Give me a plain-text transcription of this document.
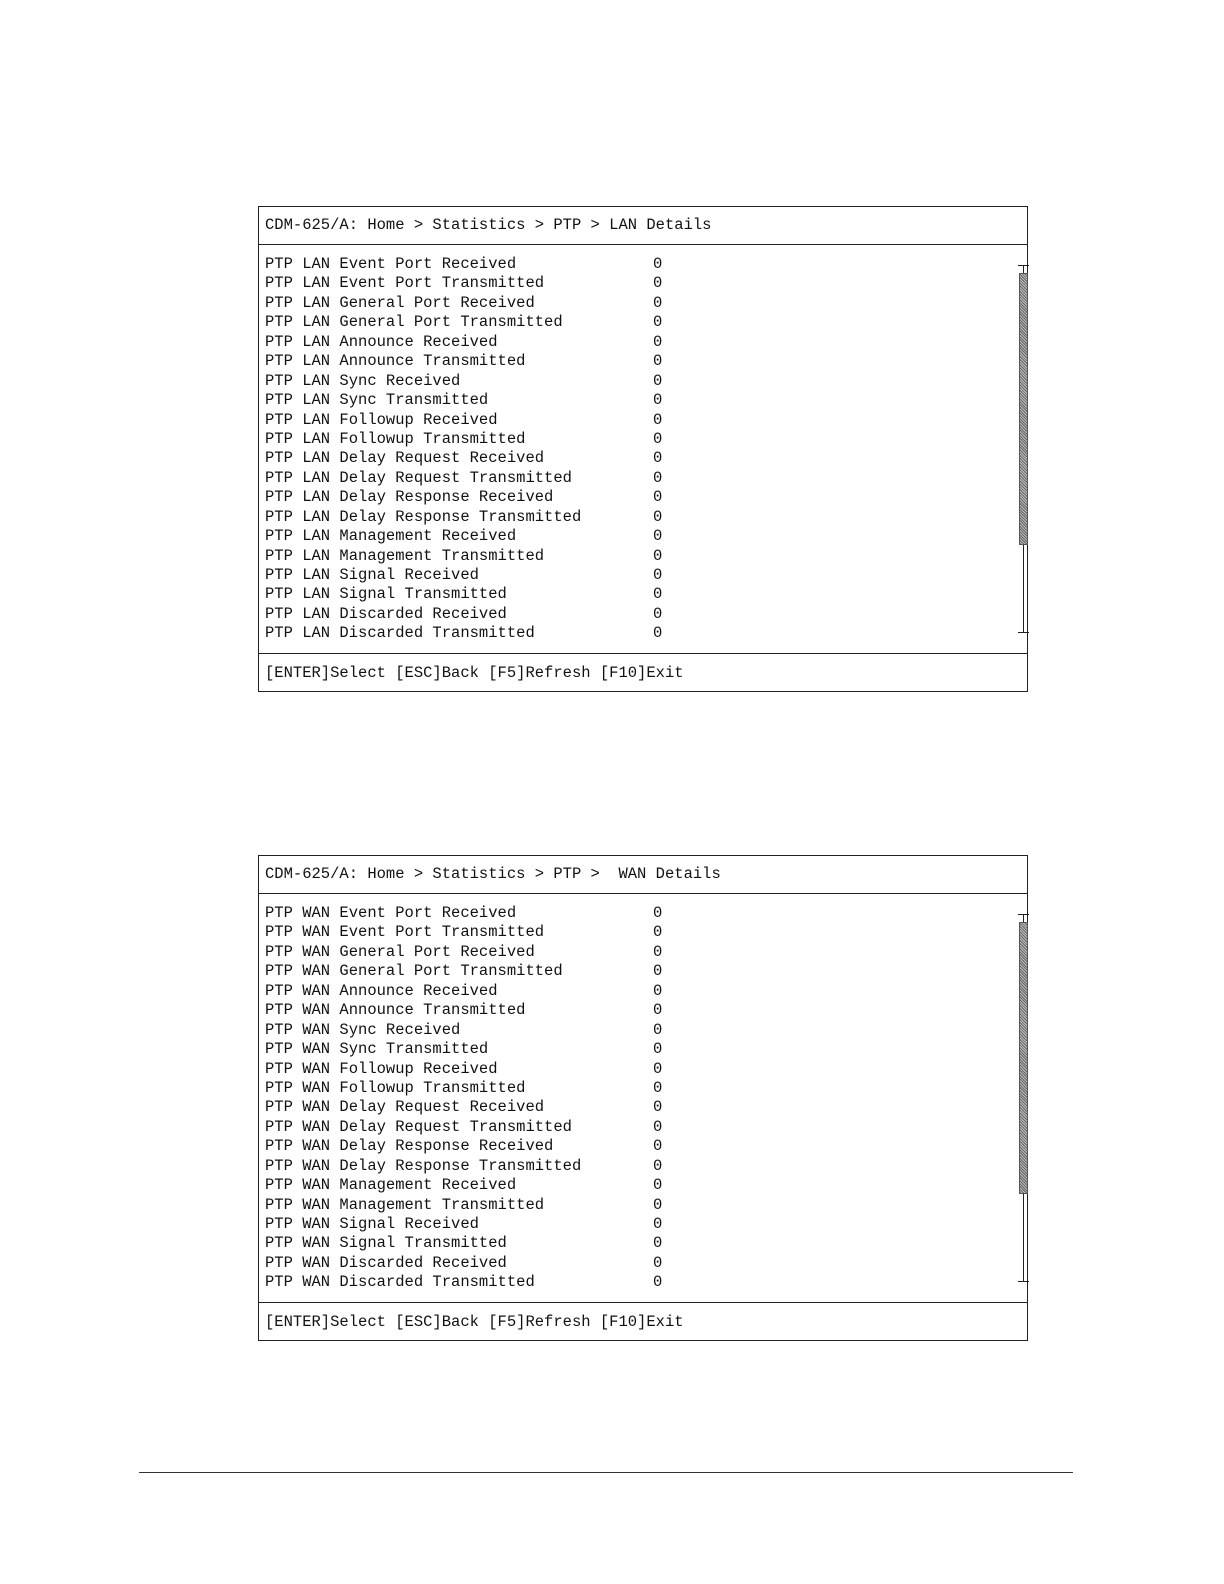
CDM-625/A: Home > Statistics > PTP > LAN Details
PTP LAN Event Port Received	0
PTP LAN Event Port Transmitted	0
PTP LAN General Port Received	0
PTP LAN General Port Transmitted	0
PTP LAN Announce Received	0
PTP LAN Announce Transmitted	0
PTP LAN Sync Received	0
PTP LAN Sync Transmitted	0
PTP LAN Followup Received	0
PTP LAN Followup Transmitted	0
PTP LAN Delay Request Received	0
PTP LAN Delay Request Transmitted	0
PTP LAN Delay Response Received	0
PTP LAN Delay Response Transmitted	0
PTP LAN Management Received	0
PTP LAN Management Transmitted	0
PTP LAN Signal Received	0
PTP LAN Signal Transmitted	0
PTP LAN Discarded Received	0
PTP LAN Discarded Transmitted	0
[ENTER]Select [ESC]Back [F5]Refresh [F10]Exit
CDM-625/A: Home > Statistics > PTP >  WAN Details
PTP WAN Event Port Received	0
PTP WAN Event Port Transmitted	0
PTP WAN General Port Received	0
PTP WAN General Port Transmitted	0
PTP WAN Announce Received	0
PTP WAN Announce Transmitted	0
PTP WAN Sync Received	0
PTP WAN Sync Transmitted	0
PTP WAN Followup Received	0
PTP WAN Followup Transmitted	0
PTP WAN Delay Request Received	0
PTP WAN Delay Request Transmitted	0
PTP WAN Delay Response Received	0
PTP WAN Delay Response Transmitted	0
PTP WAN Management Received	0
PTP WAN Management Transmitted	0
PTP WAN Signal Received	0
PTP WAN Signal Transmitted	0
PTP WAN Discarded Received	0
PTP WAN Discarded Transmitted	0
[ENTER]Select [ESC]Back [F5]Refresh [F10]Exit
